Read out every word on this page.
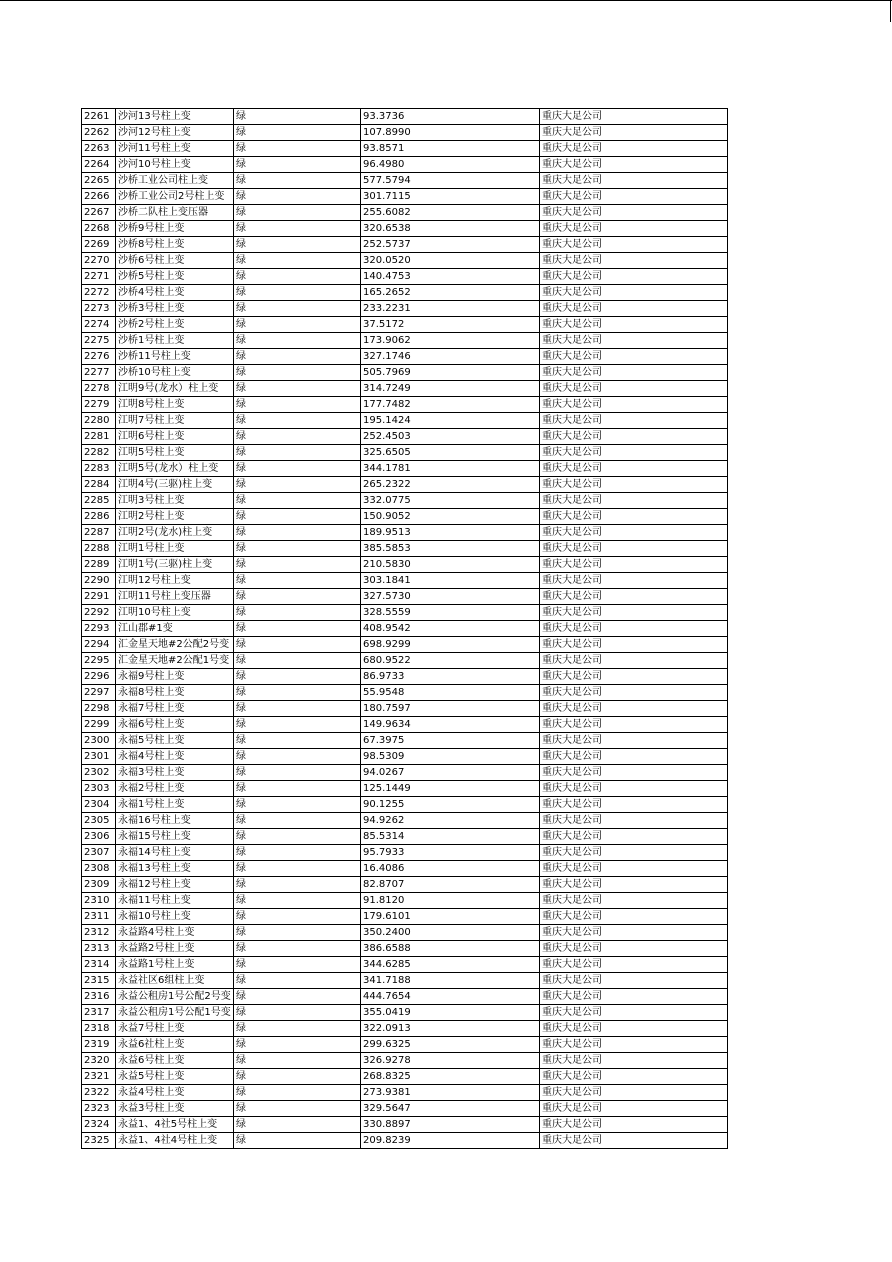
2261	沙河13号柱上变	绿	93.3736	重庆大足公司
2262	沙河12号柱上变	绿	107.8990	重庆大足公司
2263	沙河11号柱上变	绿	93.8571	重庆大足公司
2264	沙河10号柱上变	绿	96.4980	重庆大足公司
2265	沙桥工业公司柱上变	绿	577.5794	重庆大足公司
2266	沙桥工业公司2号柱上变	绿	301.7115	重庆大足公司
2267	沙桥二队柱上变压器	绿	255.6082	重庆大足公司
2268	沙桥9号柱上变	绿	320.6538	重庆大足公司
2269	沙桥8号柱上变	绿	252.5737	重庆大足公司
2270	沙桥6号柱上变	绿	320.0520	重庆大足公司
2271	沙桥5号柱上变	绿	140.4753	重庆大足公司
2272	沙桥4号柱上变	绿	165.2652	重庆大足公司
2273	沙桥3号柱上变	绿	233.2231	重庆大足公司
2274	沙桥2号柱上变	绿	37.5172	重庆大足公司
2275	沙桥1号柱上变	绿	173.9062	重庆大足公司
2276	沙桥11号柱上变	绿	327.1746	重庆大足公司
2277	沙桥10号柱上变	绿	505.7969	重庆大足公司
2278	江明9号(龙水）柱上变	绿	314.7249	重庆大足公司
2279	江明8号柱上变	绿	177.7482	重庆大足公司
2280	江明7号柱上变	绿	195.1424	重庆大足公司
2281	江明6号柱上变	绿	252.4503	重庆大足公司
2282	江明5号柱上变	绿	325.6505	重庆大足公司
2283	江明5号(龙水）柱上变	绿	344.1781	重庆大足公司
2284	江明4号(三驱)柱上变	绿	265.2322	重庆大足公司
2285	江明3号柱上变	绿	332.0775	重庆大足公司
2286	江明2号柱上变	绿	150.9052	重庆大足公司
2287	江明2号(龙水)柱上变	绿	189.9513	重庆大足公司
2288	江明1号柱上变	绿	385.5853	重庆大足公司
2289	江明1号(三驱)柱上变	绿	210.5830	重庆大足公司
2290	江明12号柱上变	绿	303.1841	重庆大足公司
2291	江明11号柱上变压器	绿	327.5730	重庆大足公司
2292	江明10号柱上变	绿	328.5559	重庆大足公司
2293	江山郡#1变	绿	408.9542	重庆大足公司
2294	汇金星天地#2公配2号变	绿	698.9299	重庆大足公司
2295	汇金星天地#2公配1号变	绿	680.9522	重庆大足公司
2296	永福9号柱上变	绿	86.9733	重庆大足公司
2297	永福8号柱上变	绿	55.9548	重庆大足公司
2298	永福7号柱上变	绿	180.7597	重庆大足公司
2299	永福6号柱上变	绿	149.9634	重庆大足公司
2300	永福5号柱上变	绿	67.3975	重庆大足公司
2301	永福4号柱上变	绿	98.5309	重庆大足公司
2302	永福3号柱上变	绿	94.0267	重庆大足公司
2303	永福2号柱上变	绿	125.1449	重庆大足公司
2304	永福1号柱上变	绿	90.1255	重庆大足公司
2305	永福16号柱上变	绿	94.9262	重庆大足公司
2306	永福15号柱上变	绿	85.5314	重庆大足公司
2307	永福14号柱上变	绿	95.7933	重庆大足公司
2308	永福13号柱上变	绿	16.4086	重庆大足公司
2309	永福12号柱上变	绿	82.8707	重庆大足公司
2310	永福11号柱上变	绿	91.8120	重庆大足公司
2311	永福10号柱上变	绿	179.6101	重庆大足公司
2312	永益路4号柱上变	绿	350.2400	重庆大足公司
2313	永益路2号柱上变	绿	386.6588	重庆大足公司
2314	永益路1号柱上变	绿	344.6285	重庆大足公司
2315	永益社区6组柱上变	绿	341.7188	重庆大足公司
2316	永益公租房1号公配2号变	绿	444.7654	重庆大足公司
2317	永益公租房1号公配1号变	绿	355.0419	重庆大足公司
2318	永益7号柱上变	绿	322.0913	重庆大足公司
2319	永益6社柱上变	绿	299.6325	重庆大足公司
2320	永益6号柱上变	绿	326.9278	重庆大足公司
2321	永益5号柱上变	绿	268.8325	重庆大足公司
2322	永益4号柱上变	绿	273.9381	重庆大足公司
2323	永益3号柱上变	绿	329.5647	重庆大足公司
2324	永益1、4社5号柱上变	绿	330.8897	重庆大足公司
2325	永益1、4社4号柱上变	绿	209.8239	重庆大足公司
